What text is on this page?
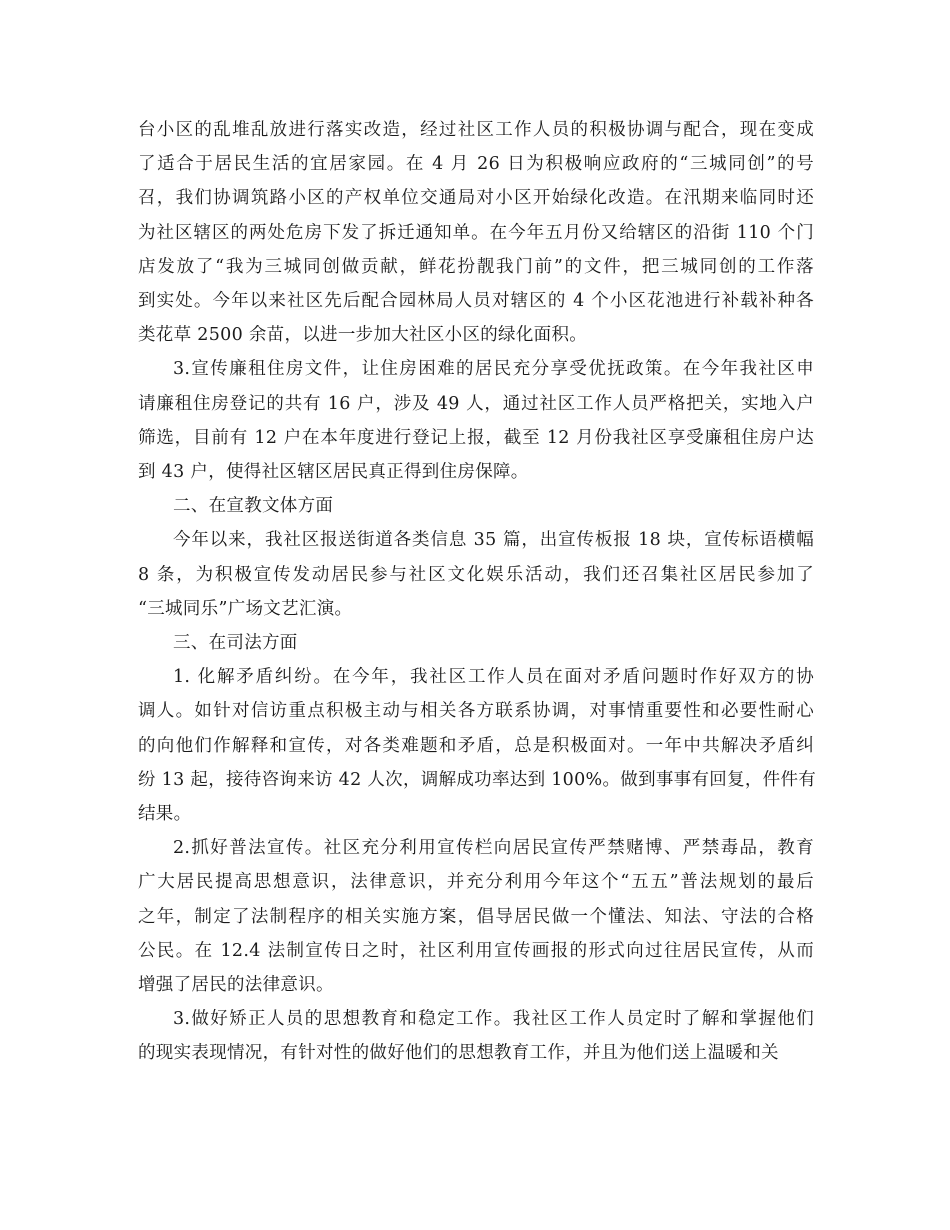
台小区的乱堆乱放进行落实改造，经过社区工作人员的积极协调与配合，现在变成
了适合于居民生活的宜居家园。在 4 月 26 日为积极响应政府的“三城同创”的号
召，我们协调筑路小区的产权单位交通局对小区开始绿化改造。在汛期来临同时还
为社区辖区的两处危房下发了拆迁通知单。在今年五月份又给辖区的沿街 110 个门
店发放了“我为三城同创做贡献，鲜花扮靓我门前”的文件，把三城同创的工作落
到实处。今年以来社区先后配合园林局人员对辖区的 4 个小区花池进行补载补种各
类花草 2500 余苗，以进一步加大社区小区的绿化面积。
3.宣传廉租住房文件，让住房困难的居民充分享受优抚政策。在今年我社区申
请廉租住房登记的共有 16 户，涉及 49 人，通过社区工作人员严格把关，实地入户
筛选，目前有 12 户在本年度进行登记上报，截至 12 月份我社区享受廉租住房户达
到 43 户，使得社区辖区居民真正得到住房保障。
二、在宣教文体方面
今年以来，我社区报送街道各类信息 35 篇，出宣传板报 18 块，宣传标语横幅
8 条，为积极宣传发动居民参与社区文化娱乐活动，我们还召集社区居民参加了
“三城同乐”广场文艺汇演。
三、在司法方面
1. 化解矛盾纠纷。在今年，我社区工作人员在面对矛盾问题时作好双方的协
调人。如针对信访重点积极主动与相关各方联系协调，对事情重要性和必要性耐心
的向他们作解释和宣传，对各类难题和矛盾，总是积极面对。一年中共解决矛盾纠
纷 13 起，接待咨询来访 42 人次，调解成功率达到 100%。做到事事有回复，件件有
结果。
2.抓好普法宣传。社区充分利用宣传栏向居民宣传严禁赌博、严禁毒品，教育
广大居民提高思想意识，法律意识，并充分利用今年这个“五五”普法规划的最后
之年，制定了法制程序的相关实施方案，倡导居民做一个懂法、知法、守法的合格
公民。在 12.4 法制宣传日之时，社区利用宣传画报的形式向过往居民宣传，从而
增强了居民的法律意识。
3.做好矫正人员的思想教育和稳定工作。我社区工作人员定时了解和掌握他们
的现实表现情况，有针对性的做好他们的思想教育工作，并且为他们送上温暖和关
